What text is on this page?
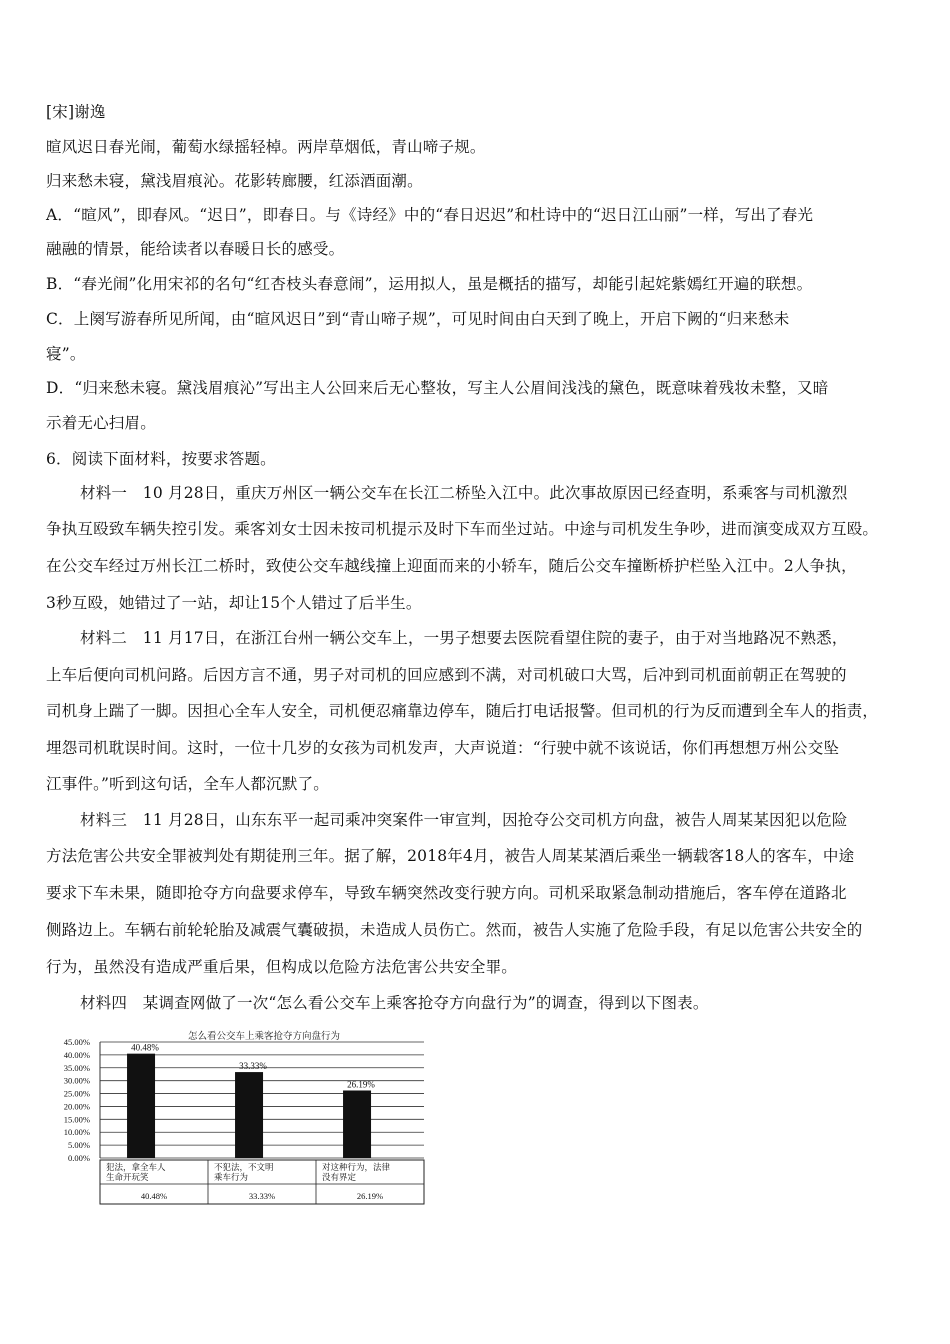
[宋]谢逸
暄风迟日春光闹，葡萄水绿摇轻棹。两岸草烟低，青山啼子规。
归来愁未寝，黛浅眉痕沁。花影转廊腰，红添酒面潮。
A．“暄风”，即春风。“迟日”，即春日。与《诗经》中的“春日迟迟”和杜诗中的“迟日江山丽”一样，写出了春光
融融的情景，能给读者以春暖日长的感受。
B．“春光闹”化用宋祁的名句“红杏枝头春意闹”，运用拟人，虽是概括的描写，却能引起姹紫嫣红开遍的联想。
C．上阕写游春所见所闻，由“暄风迟日”到“青山啼子规”，可见时间由白天到了晚上，开启下阙的“归来愁未
寝”。
D．“归来愁未寝。黛浅眉痕沁”写出主人公回来后无心整妆，写主人公眉间浅浅的黛色，既意味着残妆未整，又暗
示着无心扫眉。
6．阅读下面材料，按要求答题。
材料一　10 月28日，重庆万州区一辆公交车在长江二桥坠入江中。此次事故原因已经查明，系乘客与司机激烈
争执互殴致车辆失控引发。乘客刘女士因未按司机提示及时下车而坐过站。中途与司机发生争吵，进而演变成双方互殴。
在公交车经过万州长江二桥时，致使公交车越线撞上迎面而来的小轿车，随后公交车撞断桥护栏坠入江中。2人争执，
3秒互殴，她错过了一站，却让15个人错过了后半生。
材料二　11 月17日，在浙江台州一辆公交车上，一男子想要去医院看望住院的妻子，由于对当地路况不熟悉，
上车后便向司机问路。后因方言不通，男子对司机的回应感到不满，对司机破口大骂，后冲到司机面前朝正在驾驶的
司机身上踹了一脚。因担心全车人安全，司机便忍痛靠边停车，随后打电话报警。但司机的行为反而遭到全车人的指责，
埋怨司机耽误时间。这时，一位十几岁的女孩为司机发声，大声说道：“行驶中就不该说话，你们再想想万州公交坠
江事件。”听到这句话，全车人都沉默了。
材料三　11 月28日，山东东平一起司乘冲突案件一审宣判，因抢夺公交司机方向盘，被告人周某某因犯以危险
方法危害公共安全罪被判处有期徒刑三年。据了解，2018年4月，被告人周某某酒后乘坐一辆载客18人的客车，中途
要求下车未果，随即抢夺方向盘要求停车，导致车辆突然改变行驶方向。司机采取紧急制动措施后，客车停在道路北
侧路边上。车辆右前轮轮胎及减震气囊破损，未造成人员伤亡。然而，被告人实施了危险手段，有足以危害公共安全的
行为，虽然没有造成严重后果，但构成以危险方法危害公共安全罪。
材料四　某调查网做了一次“怎么看公交车上乘客抢夺方向盘行为”的调查，得到以下图表。
怎么看公交车上乘客抢夺方向盘行为
0.00%
5.00%
10.00%
15.00%
20.00%
25.00%
30.00%
35.00%
40.00%
45.00%
40.48%
33.33%
26.19%
犯法，拿全车人
生命开玩笑
40.48%
不犯法，不文明
乘车行为
33.33%
对这种行为，法律
没有界定
26.19%
